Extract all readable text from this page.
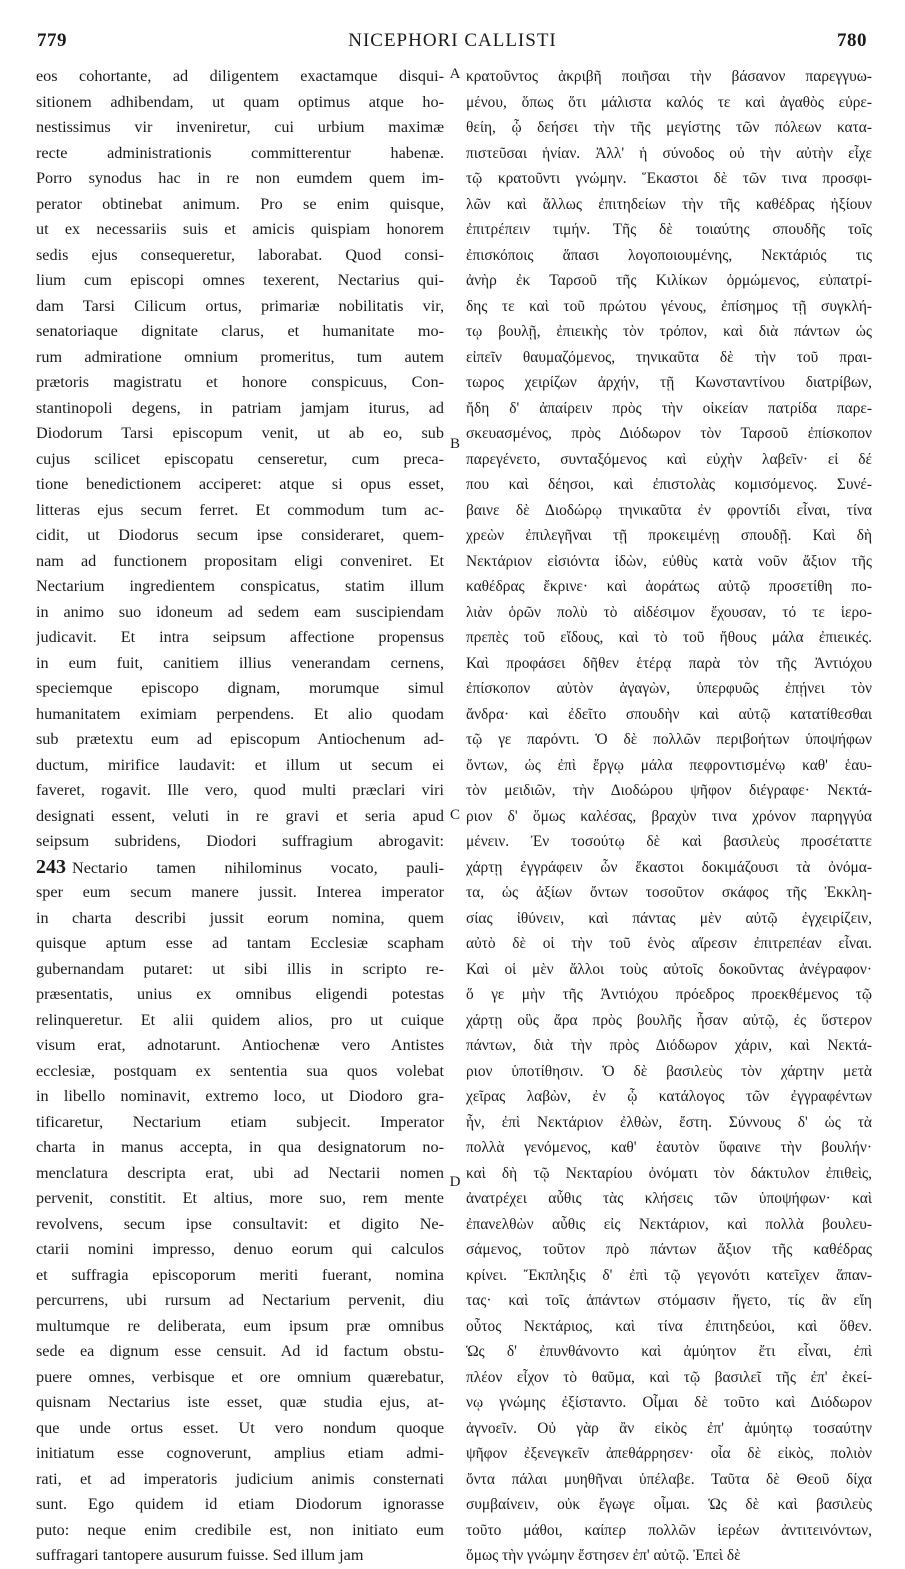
779	NICEPHORI CALLISTI	780
eos cohortante, ad diligentem exactamque disqui-
sitionem adhibendam, ut quam optimus atque ho-
nestissimus vir inveniretur, cui urbium maximæ
recte administrationis committerentur habenæ.
Porro synodus hac in re non eumdem quem im-
perator obtinebat animum. Pro se enim quisque,
ut ex necessariis suis et amicis quispiam honorem
sedis ejus consequeretur, laborabat. Quod consi-
lium cum episcopi omnes texerent, Nectarius qui-
dam Tarsi Cilicum ortus, primariæ nobilitatis vir,
senatoriaque dignitate clarus, et humanitate mo-
rum admiratione omnium promeritus, tum autem
prætoris magistratu et honore conspicuus, Con-
stantinopoli degens, in patriam jamjam iturus, ad
Diodorum Tarsi episcopum venit, ut ab eo, sub
cujus scilicet episcopatu censeretur, cum preca-
tione benedictionem acciperet: atque si opus esset,
litteras ejus secum ferret. Et commodum tum ac-
cidit, ut Diodorus secum ipse consideraret, quem-
nam ad functionem propositam eligi conveniret. Et
Nectarium ingredientem conspicatus, statim illum
in animo suo idoneum ad sedem eam suscipiendam
judicavit. Et intra seipsum affectione propensus
in eum fuit, canitiem illius venerandam cernens,
speciemque episcopo dignam, morumque simul
humanitatem eximiam perpendens. Et alio quodam
sub prætextu eum ad episcopum Antiochenum ad-
ductum, mirifice laudavit: et illum ut secum ei
faveret, rogavit. Ille vero, quod multi præclari viri
designati essent, veluti in re gravi et seria apud
seipsum subridens, Diodori suffragium abrogavit:
243 Nectario tamen nihilominus vocato, pauli-
sper eum secum manere jussit. Interea imperator
in charta describi jussit eorum nomina, quem
quisque aptum esse ad tantam Ecclesiæ scapham
gubernandam putaret: ut sibi illis in scripto re-
præsentatis, unius ex omnibus eligendi potestas
relinqueretur. Et alii quidem alios, pro ut cuique
visum erat, adnotarunt. Antiochenæ vero Antistes
ecclesiæ, postquam ex sententia sua quos volebat
in libello nominavit, extremo loco, ut Diodoro gra-
tificaretur, Nectarium etiam subjecit. Imperator
charta in manus accepta, in qua designatorum no-
menclatura descripta erat, ubi ad Nectarii nomen
pervenit, constitit. Et altius, more suo, rem mente
revolvens, secum ipse consultavit: et digito Ne-
ctarii nomini impresso, denuo eorum qui calculos
et suffragia episcoporum meriti fuerant, nomina
percurrens, ubi rursum ad Nectarium pervenit, diu
multumque re deliberata, eum ipsum præ omnibus
sede ea dignum esse censuit. Ad id factum obstu-
puere omnes, verbisque et ore omnium quærebatur,
quisnam Nectarius iste esset, quæ studia ejus, at-
que unde ortus esset. Ut vero nondum quoque
initiatum esse cognoverunt, amplius etiam admi-
rati, et ad imperatoris judicium animis consternati
sunt. Ego quidem id etiam Diodorum ignorasse
puto: neque enim credibile est, non initiato eum
suffragari tantopere ausurum fuisse. Sed illum jam
κρατοῦντος ἀκριβῆ ποιῆσαι τὴν βάσανον παρεγγυω-
μένου, ὅπως ὅτι μάλιστα καλός τε καὶ ἀγαθὸς εὑρε-
θείη, ᾧ δεήσει τὴν τῆς μεγίστης τῶν πόλεων κατα-
πιστεῦσαι ἡνίαν. Ἀλλ' ἡ σύνοδος οὐ τὴν αὐτὴν εἶχε
τῷ κρατοῦντι γνώμην. Ἕκαστοι δὲ τῶν τινα προσφι-
λῶν καὶ ἄλλως ἐπιτηδείων τὴν τῆς καθέδρας ἠξίουν
ἐπιτρέπειν τιμήν. Τῆς δὲ τοιαύτης σπουδῆς τοῖς
ἐπισκόποις ἅπασι λογοποιουμένης, Νεκτάριός τις
ἀνὴρ ἐκ Ταρσοῦ τῆς Κιλίκων ὁρμώμενος, εὐπατρί-
δης τε καὶ τοῦ πρώτου γένους, ἐπίσημος τῇ συγκλή-
τῳ βουλῇ, ἐπιεικὴς τὸν τρόπον, καὶ διὰ πάντων ὡς
εἰπεῖν θαυμαζόμενος, τηνικαῦτα δὲ τὴν τοῦ πραι-
τωρος χειρίζων ἀρχήν, τῇ Κωνσταντίνου διατρίβων,
ἤδη δ' ἀπαίρειν πρὸς τὴν οἰκείαν πατρίδα παρε-
σκευασμένος, πρὸς Διόδωρον τὸν Ταρσοῦ ἐπίσκοπον
παρεγένετο, συνταξόμενος καὶ εὐχὴν λαβεῖν· εἰ δέ
που καὶ δέησοι, καὶ ἐπιστολὰς κομισόμενος. Συνέ-
βαινε δὲ Διοδώρῳ τηνικαῦτα ἐν φροντίδι εἶναι, τίνα
χρεὼν ἐπιλεγῆναι τῇ προκειμένῃ σπουδῇ. Καὶ δὴ
Νεκτάριον εἰσιόντα ἰδὼν, εὐθὺς κατὰ νοῦν ἄξιον τῆς
καθέδρας ἔκρινε· καὶ ἀοράτως αὐτῷ προσετίθη πο-
λιὰν ὁρῶν πολὺ τὸ αἰδέσιμον ἔχουσαν, τό τε ἱερο-
πρεπὲς τοῦ εἴδους, καὶ τὸ τοῦ ἤθους μάλα ἐπιεικές.
Καὶ προφάσει δῆθεν ἑτέρᾳ παρὰ τὸν τῆς Ἀντιόχου
ἐπίσκοπον αὐτὸν ἀγαγὼν, ὑπερφυῶς ἐπῄνει τὸν
ἄνδρα· καὶ ἐδεῖτο σπουδὴν καὶ αὐτῷ κατατίθεσθαι
τῷ γε παρόντι. Ὁ δὲ πολλῶν περιβοήτων ὑποψήφων
ὄντων, ὡς ἐπὶ ἔργῳ μάλα πεφροντισμένῳ καθ' ἑαυ-
τὸν μειδιῶν, τὴν Διοδώρου ψῆφον διέγραφε· Νεκτά-
ριον δ' ὅμως καλέσας, βραχὺν τινα χρόνον παρηγγύα
μένειν. Ἐν τοσούτῳ δὲ καὶ βασιλεὺς προσέταττε
χάρτῃ ἐγγράφειν ὧν ἕκαστοι δοκιμάζουσι τὰ ὀνόμα-
τα, ὡς ἀξίων ὄντων τοσοῦτον σκάφος τῆς Ἐκκλη-
σίας ἰθύνειν, καὶ πάντας μὲν αὐτῷ ἐγχειρίζειν,
αὐτὸ δὲ οἱ τὴν τοῦ ἑνὸς αἵρεσιν ἐπιτρεπέαν εἶναι.
Καὶ οἱ μὲν ἄλλοι τοὺς αὐτοῖς δοκοῦντας ἀνέγραφον·
ὅ γε μὴν τῆς Ἀντιόχου πρόεδρος προεκθέμενος τῷ
χάρτῃ οὓς ἄρα πρὸς βουλῆς ἦσαν αὐτῷ, ἐς ὕστερον
πάντων, διὰ τὴν πρὸς Διόδωρον χάριν, καὶ Νεκτά-
ριον ὑποτίθησιν. Ὁ δὲ βασιλεὺς τὸν χάρτην μετὰ
χεῖρας λαβὼν, ἐν ᾧ κατάλογος τῶν ἐγγραφέντων
ἦν, ἐπὶ Νεκτάριον ἐλθὼν, ἔστη. Σύννους δ' ὡς τὰ
πολλὰ γενόμενος, καθ' ἑαυτὸν ὕφαινε τὴν βουλήν·
καὶ δὴ τῷ Νεκταρίου ὀνόματι τὸν δάκτυλον ἐπιθεὶς,
ἀνατρέχει αὖθις τὰς κλήσεις τῶν ὑποψήφων· καὶ
ἐπανελθὼν αὖθις εἰς Νεκτάριον, καὶ πολλὰ βουλευ-
σάμενος, τοῦτον πρὸ πάντων ἄξιον τῆς καθέδρας
κρίνει. Ἔκπληξις δ' ἐπὶ τῷ γεγονότι κατεῖχεν ἅπαν-
τας· καὶ τοῖς ἁπάντων στόμασιν ἤγετο, τίς ἂν εἴη
οὗτος Νεκτάριος, καὶ τίνα ἐπιτηδεύοι, καὶ ὅθεν.
Ὡς δ' ἐπυνθάνοντο καὶ ἀμύητον ἔτι εἶναι, ἐπὶ
πλέον εἶχον τὸ θαῦμα, καὶ τῷ βασιλεῖ τῆς ἐπ' ἐκεί-
νῳ γνώμης ἐξίσταντο. Οἶμαι δὲ τοῦτο καὶ Διόδωρον
ἀγνοεῖν. Οὐ γὰρ ἂν εἰκὸς ἐπ' ἀμύητῳ τοσαύτην
ψῆφον ἐξενεγκεῖν ἀπεθάρρησεν· οἷα δὲ εἰκὸς, πολιὸν
ὄντα πάλαι μυηθῆναι ὑπέλαβε. Ταῦτα δὲ Θεοῦ δίχα
συμβαίνειν, οὐκ ἔγωγε οἶμαι. Ὡς δὲ καὶ βασιλεὺς
τοῦτο μάθοι, καίπερ πολλῶν ἱερέων ἀντιτεινόντων,
ὅμως τὴν γνώμην ἔστησεν ἐπ' αὐτῷ. Ἐπεὶ δὲ
A
B
C
D
